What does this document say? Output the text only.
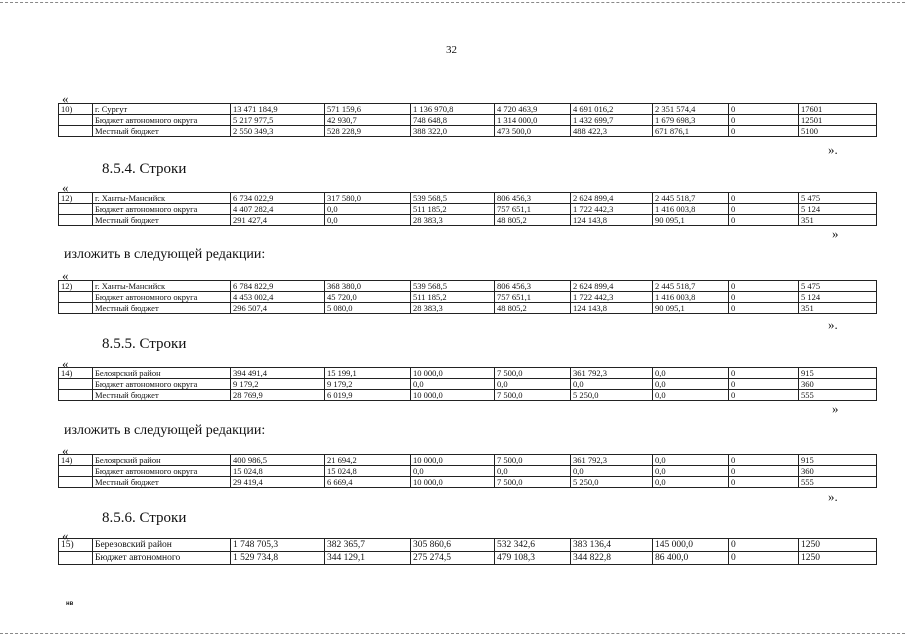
32
«
10)	г. Сургут	13 471 184,9	571 159,6	1 136 970,8	4 720 463,9	4 691 016,2	2 351 574,4	0	17601
	Бюджет автономного округа	5 217 977,5	42 930,7	748 648,8	1 314 000,0	1 432 699,7	1 679 698,3	0	12501
	Местный бюджет	2 550 349,3	528 228,9	388 322,0	473 500,0	488 422,3	671 876,1	0	5100
».
8.5.4. Строки
«
12)	г. Ханты-Мансийск	6 734 022,9	317 580,0	539 568,5	806 456,3	2 624 899,4	2 445 518,7	0	5 475
	Бюджет автономного округа	4 407 282,4	0,0	511 185,2	757 651,1	1 722 442,3	1 416 003,8	0	5 124
	Местный бюджет	291 427,4	0,0	28 383,3	48 805,2	124 143,8	90 095,1	0	351
»
изложить в следующей редакции:
«
12)	г. Ханты-Мансийск	6 784 822,9	368 380,0	539 568,5	806 456,3	2 624 899,4	2 445 518,7	0	5 475
	Бюджет автономного округа	4 453 002,4	45 720,0	511 185,2	757 651,1	1 722 442,3	1 416 003,8	0	5 124
	Местный бюджет	296 507,4	5 080,0	28 383,3	48 805,2	124 143,8	90 095,1	0	351
».
8.5.5. Строки
«
14)	Белоярский район	394 491,4	15 199,1	10 000,0	7 500,0	361 792,3	0,0	0	915
	Бюджет автономного округа	9 179,2	9 179,2	0,0	0,0	0,0	0,0	0	360
	Местный бюджет	28 769,9	6 019,9	10 000,0	7 500,0	5 250,0	0,0	0	555
»
изложить в следующей редакции:
«
14)	Белоярский район	400 986,5	21 694,2	10 000,0	7 500,0	361 792,3	0,0	0	915
	Бюджет автономного округа	15 024,8	15 024,8	0,0	0,0	0,0	0,0	0	360
	Местный бюджет	29 419,4	6 669,4	10 000,0	7 500,0	5 250,0	0,0	0	555
».
8.5.6. Строки
«
15)	Березовский район	1 748 705,3	382 365,7	305 860,6	532 342,6	383 136,4	145 000,0	0	1250
	Бюджет автономного	1 529 734,8	344 129,1	275 274,5	479 108,3	344 822,8	86 400,0	0	1250
нв
